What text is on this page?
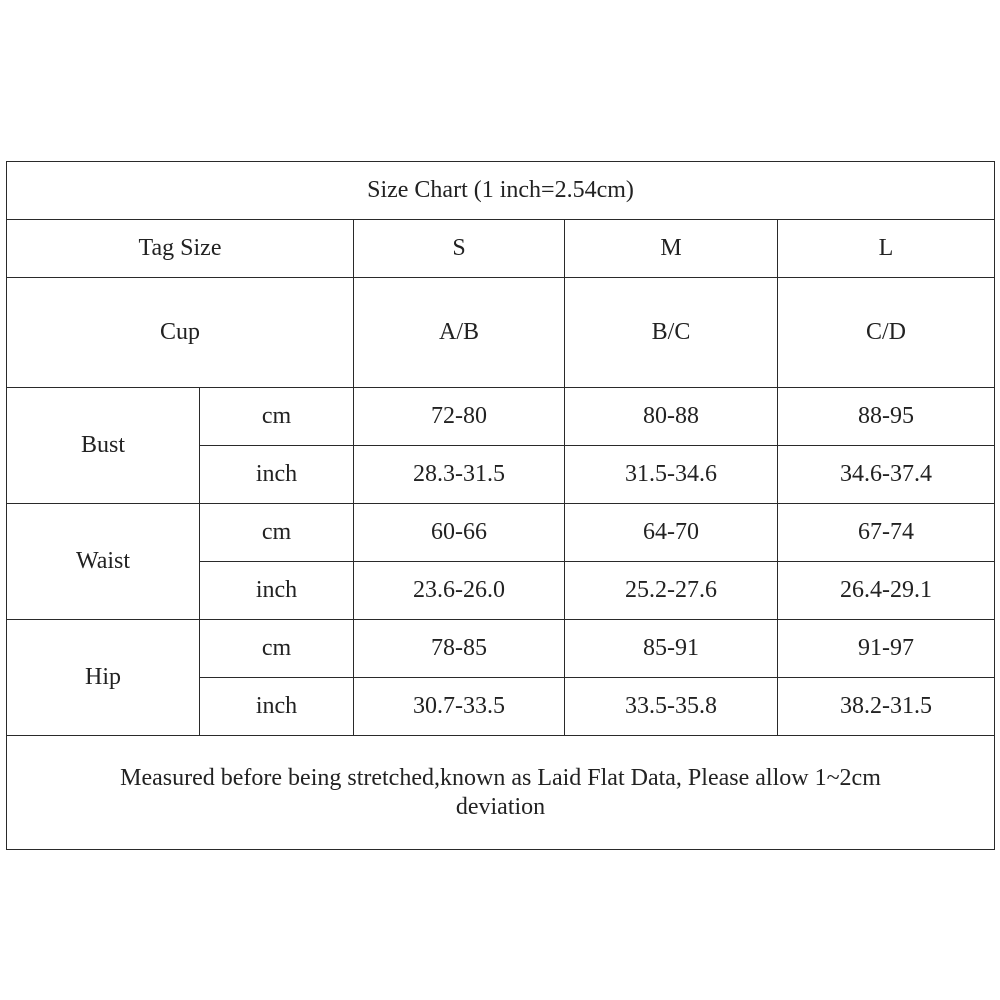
Size Chart (1 inch=2.54cm)				
Tag Size		S	M	L
Cup		A/B	B/C	C/D
Bust	cm	72-80	80-88	88-95
	inch	28.3-31.5	31.5-34.6	34.6-37.4
Waist	cm	60-66	64-70	67-74
	inch	23.6-26.0	25.2-27.6	26.4-29.1
Hip	cm	78-85	85-91	91-97
	inch	30.7-33.5	33.5-35.8	38.2-31.5

Measured before being stretched,known as Laid Flat Data, Please allow 1~2cm
deviation				
